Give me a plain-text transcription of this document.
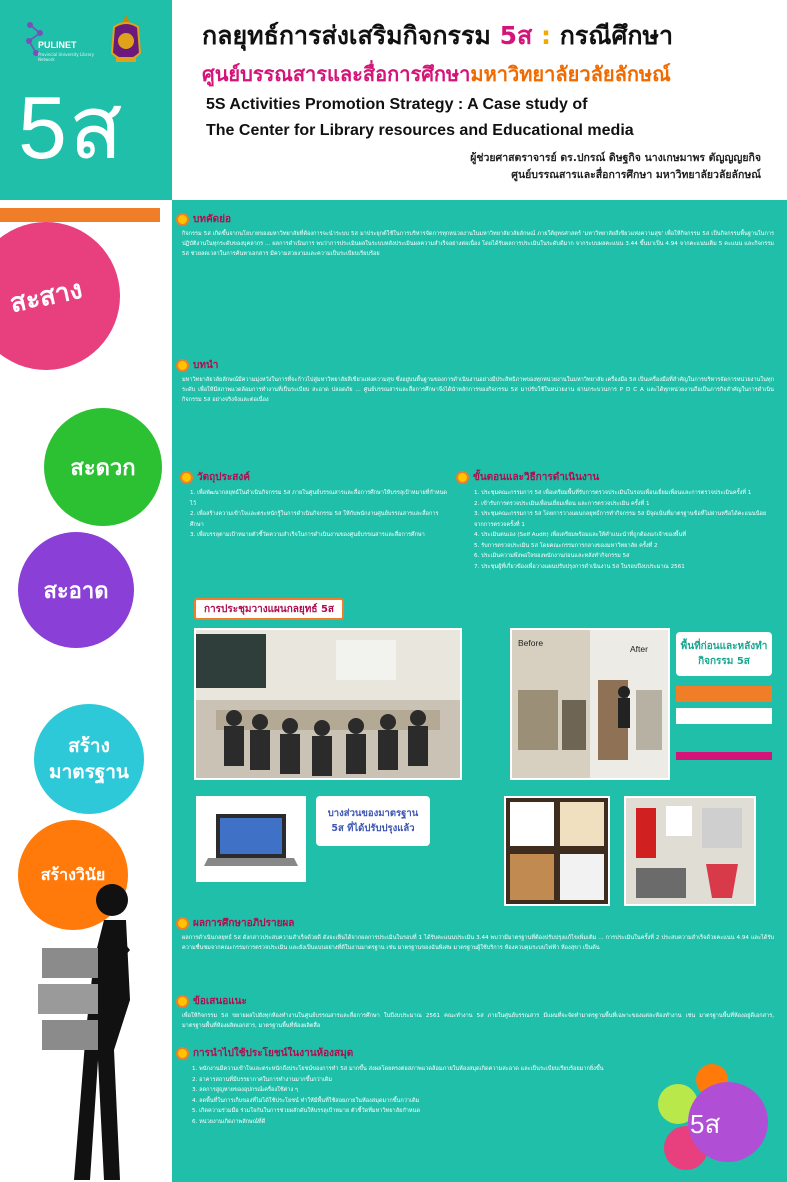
PULINET
Provincial University Library Network
5ส
กลยุทธ์การส่งเสริมกิจกรรม 5ส : กรณีศึกษา
ศูนย์บรรณสารและสื่อการศึกษามหาวิทยาลัยวลัยลักษณ์
5S Activities Promotion Strategy : A Case study of
The Center for Library resources and Educational media
ผู้ช่วยศาสตราจารย์ ดร.ปกรณ์ ดิษฐกิจ นางเกษมาพร ตัญญญยกิจ
ศูนย์บรรณสารและสื่อการศึกษา มหาวิทยาลัยวลัยลักษณ์
สะสาง
สะดวก
สะอาด
สร้างมาตรฐาน
สร้างวินัย
บทคัดย่อ

กิจกรรม 5ส เกิดขึ้นจากนโยบายของมหาวิทยาลัยที่ต้องการจะนำระบบ 5ส มาประยุกต์ใช้ในการบริหารจัดการทุกหน่วยงานในมหาวิทยาลัยวลัยลักษณ์ ภายใต้ยุทธศาสตร์ 'มหาวิทยาลัยสีเขียวแห่งความสุข' เพื่อให้กิจกรรม 5ส เป็นกิจกรรมพื้นฐานในการปฏิบัติงานในทุกระดับของบุคลากร ... ผลการดำเนินการ พบว่าการประเมินผลในระบบหลังประเมินผลความสำเร็จอย่างต่อเนื่อง โดยได้รับผลการประเมินในระดับดีมาก จากระบบผลคะแนน 3.44 ขึ้นมาเป็น 4.94 จากคะแนนเต็ม 5 คะแนน และกิจกรรม 5ส ช่วยลดเวลาในการค้นหาเอกสาร มีความสวยงามและความเป็นระเบียบเรียบร้อย

บทนำ

มหาวิทยาลัยวลัยลักษณ์มีความมุ่งหวังในการที่จะก้าวไปสู่มหาวิทยาลัยสีเขียวแห่งความสุข ซึ่งอยู่บนพื้นฐานของการดำเนินงานอย่างมีประสิทธิภาพของทุกหน่วยงานในมหาวิทยาลัย เครื่องมือ 5ส เป็นเครื่องมือที่สำคัญในการบริหารจัดการหน่วยงานในทุกระดับ เพื่อให้มีสภาพแวดล้อมการทำงานที่เป็นระเบียบ สะอาด ปลอดภัย ... ศูนย์บรรณสารและสื่อการศึกษาจึงได้นำหลักการของกิจกรรม 5ส มาปรับใช้ในหน่วยงาน ผ่านกระบวนการ P D C A และได้ทุกหน่วยงานถือเป็นภารกิจสำคัญในการดำเนินกิจกรรม 5ส อย่างจริงจังและต่อเนื่อง

วัตถุประสงค์
1. เพื่อพัฒนากลยุทธ์ในดำเนินกิจกรรม 5ส ภายในศูนย์บรรณสารและสื่อการศึกษาให้บรรลุเป้าหมายที่กำหนดไว้
2. เพื่อสร้างความเข้าใจและตระหนักรู้ในการดำเนินกิจกรรม 5ส ให้กับพนักงานศูนย์บรรณสารและสื่อการศึกษา
3. เพื่อบรรลุตามเป้าหมายตัวชี้วัดความสำเร็จในการดำเนินงานของศูนย์บรรณสารและสื่อการศึกษา
ขั้นตอนและวิธีการดำเนินงาน
1. ประชุมคณะกรรมการ 5ส เพื่อเตรียมพื้นที่รับการตรวจประเมินในรอบเพื่อนเยี่ยมเพื่อนและการตรวจประเมินครั้งที่ 1
2. เข้ารับการตรวจประเมินเพื่อนเยี่ยมเพื่อน และการตรวจประเมิน ครั้งที่ 1
3. ประชุมคณะกรรมการ 5ส โดยการวางแผนกลยุทธ์การทำกิจกรรม 5ส มีจุดเน้นที่มาตรฐานข้อที่ไม่ผ่านหรือได้คะแนนน้อยจากการตรวจครั้งที่ 1
4. ประเมินตนเอง (Self Audit) เพื่อเตรียมพร้อมและให้คำแนะนำที่ถูกต้องแก่เจ้าของพื้นที่
5. รับการตรวจประเมิน 5ส โดยคณะกรรมการกลางของมหาวิทยาลัย ครั้งที่ 2
6. ประเมินความพึงพอใจของพนักงานก่อนและหลังทำกิจกรรม 5ส
7. ประชุมผู้ที่เกี่ยวข้องเพื่อวางแผนปรับปรุงการดำเนินงาน 5ส ในรอบปีงบประมาณ 2561
การประชุมวางแผนกลยุทธ์ 5ส
Before
After	พื้นที่ก่อนและหลังทำกิจกรรม 5ส
บางส่วนของมาตรฐาน 5ส ที่ได้ปรับปรุงแล้ว
ผลการศึกษาอภิปรายผล

ผลการดำเนินกลยุทธ์ 5ส ดังกล่าวประสบความสำเร็จด้วยดี ดังจะเห็นได้จากผลการประเมินในรอบที่ 1 ได้รับคะแนนประเมิน 3.44 พบว่ามีมาตรฐานที่ต้องปรับปรุงแก้ไขเพิ่มเติม ... การประเมินในครั้งที่ 2 ประสบความสำเร็จด้วยคะแนน 4.94 และได้รับความชื่นชมจากคณะกรรมการตรวจประเมิน และยังเป็นแบบอย่างที่ดีในงานมาตรฐาน เช่น มาตรฐานของฉันพิเศษ มาตรฐานผู้ใช้บริการ ห้องควบคุมระบบไฟฟ้า ห้องสุขา เป็นต้น

ข้อเสนอแนะ

เพื่อให้กิจกรรม 5ส ขยายผลไปยังทุกห้องทำงานในศูนย์บรรณสารและสื่อการศึกษา ในปีงบประมาณ 2561 คณะทำงาน 5ส ภายในศูนย์บรรณสาร มีแผนที่จะจัดทำมาตรฐานพื้นที่เฉพาะของแต่ละห้องทำงาน เช่น มาตรฐานพื้นที่ห้องอยู่ดีเอกสาร, มาตรฐานพื้นที่ห้องผลิตเอกสาร, มาตรฐานพื้นที่ห้องผลิตสื่อ

การนำไปใช้ประโยชน์ในงานห้องสมุด
1. พนักงานมีความเข้าใจและตระหนักถึงประโยชน์ของการทำ 5ส มากขึ้น ส่งผลโดยตรงต่อสภาพแวดล้อมภายในห้องสมุดเกิดความสะอาด และเป็นระเบียบเรียบร้อยมากยิ่งขึ้น
2. อาคารสถานที่มีบรรยากาศในการทำงานมากขึ้นกว่าเดิม
3. ลดการสูญหายของอุปกรณ์เครื่องใช้ต่าง ๆ
4. ลดพื้นที่ในการเก็บของที่ไม่ได้ใช้ประโยชน์ ทำให้มีพื้นที่ใช้สอยภายในห้องสมุดมากขึ้นกว่าเดิม
5. เกิดความร่วมมือ ร่วมใจกันในการช่วยผลักดันให้บรรลุเป้าหมาย ตัวชี้วัดที่มหาวิทยาลัยกำหนด
6. หน่วยงานเกิดภาพลักษณ์ที่ดี	5ส
